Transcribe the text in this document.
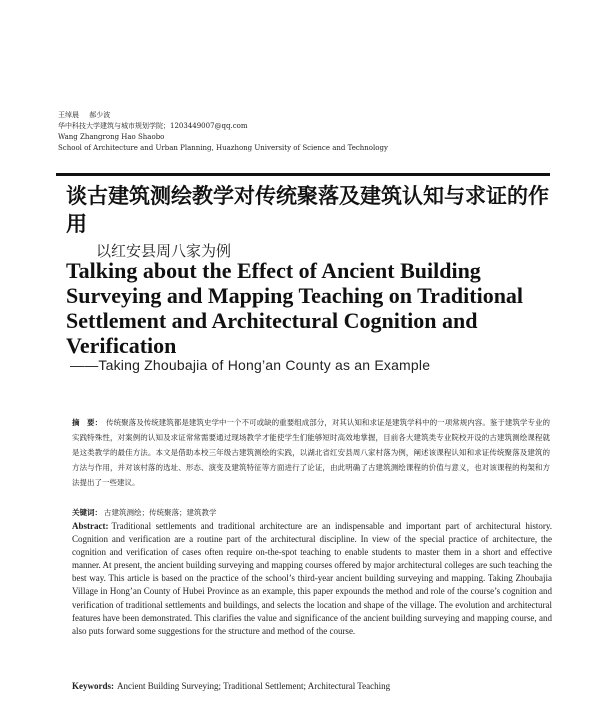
王绰晨 郝少波
华中科技大学建筑与城市规划学院；1203449007@qq.com
Wang Zhangrong Hao Shaobo
School of Architecture and Urban Planning, Huazhong University of Science and Technology
谈古建筑测绘教学对传统聚落及建筑认知与求证的作用
以红安县周八家为例
Talking about the Effect of Ancient Building Surveying and Mapping Teaching on Traditional Settlement and Architectural Cognition and Verification
——Taking Zhoubajia of Hong’an County as an Example
摘　要： 传统聚落及传统建筑都是建筑史学中一个不可或缺的重要组成部分，对其认知和求证是建筑学科中的一项常规内容。鉴于建筑学专业的实践特殊性，对案例的认知及求证常常需要通过现场教学才能使学生们能够短时高效地掌握，目前各大建筑类专业院校开设的古建筑测绘课程就是这类教学的最佳方法。本文是借助本校三年级古建筑测绘的实践，以湖北省红安县周八家村落为例，阐述该课程认知和求证传统聚落及建筑的方法与作用，并对该村落的选址、形态、演变及建筑特征等方面进行了论证，由此明确了古建筑测绘课程的价值与意义，也对该课程的构架和方法提出了一些建议。
关键词： 古建筑测绘；传统聚落；建筑教学
Abstract: Traditional settlements and traditional architecture are an indispensable and important part of architectural history. Cognition and verification are a routine part of the architectural discipline. In view of the special practice of architecture, the cognition and verification of cases often require on-the-spot teaching to enable students to master them in a short and effective manner. At present, the ancient building surveying and mapping courses offered by major architectural colleges are such teaching the best way. This article is based on the practice of the school’s third-year ancient building surveying and mapping. Taking Zhoubajia Village in Hong’an County of Hubei Province as an example, this paper expounds the method and role of the course’s cognition and verification of traditional settlements and buildings, and selects the location and shape of the village. The evolution and architectural features have been demonstrated. This clarifies the value and significance of the ancient building surveying and mapping course, and also puts forward some suggestions for the structure and method of the course.
Keywords: Ancient Building Surveying; Traditional Settlement; Architectural Teaching
